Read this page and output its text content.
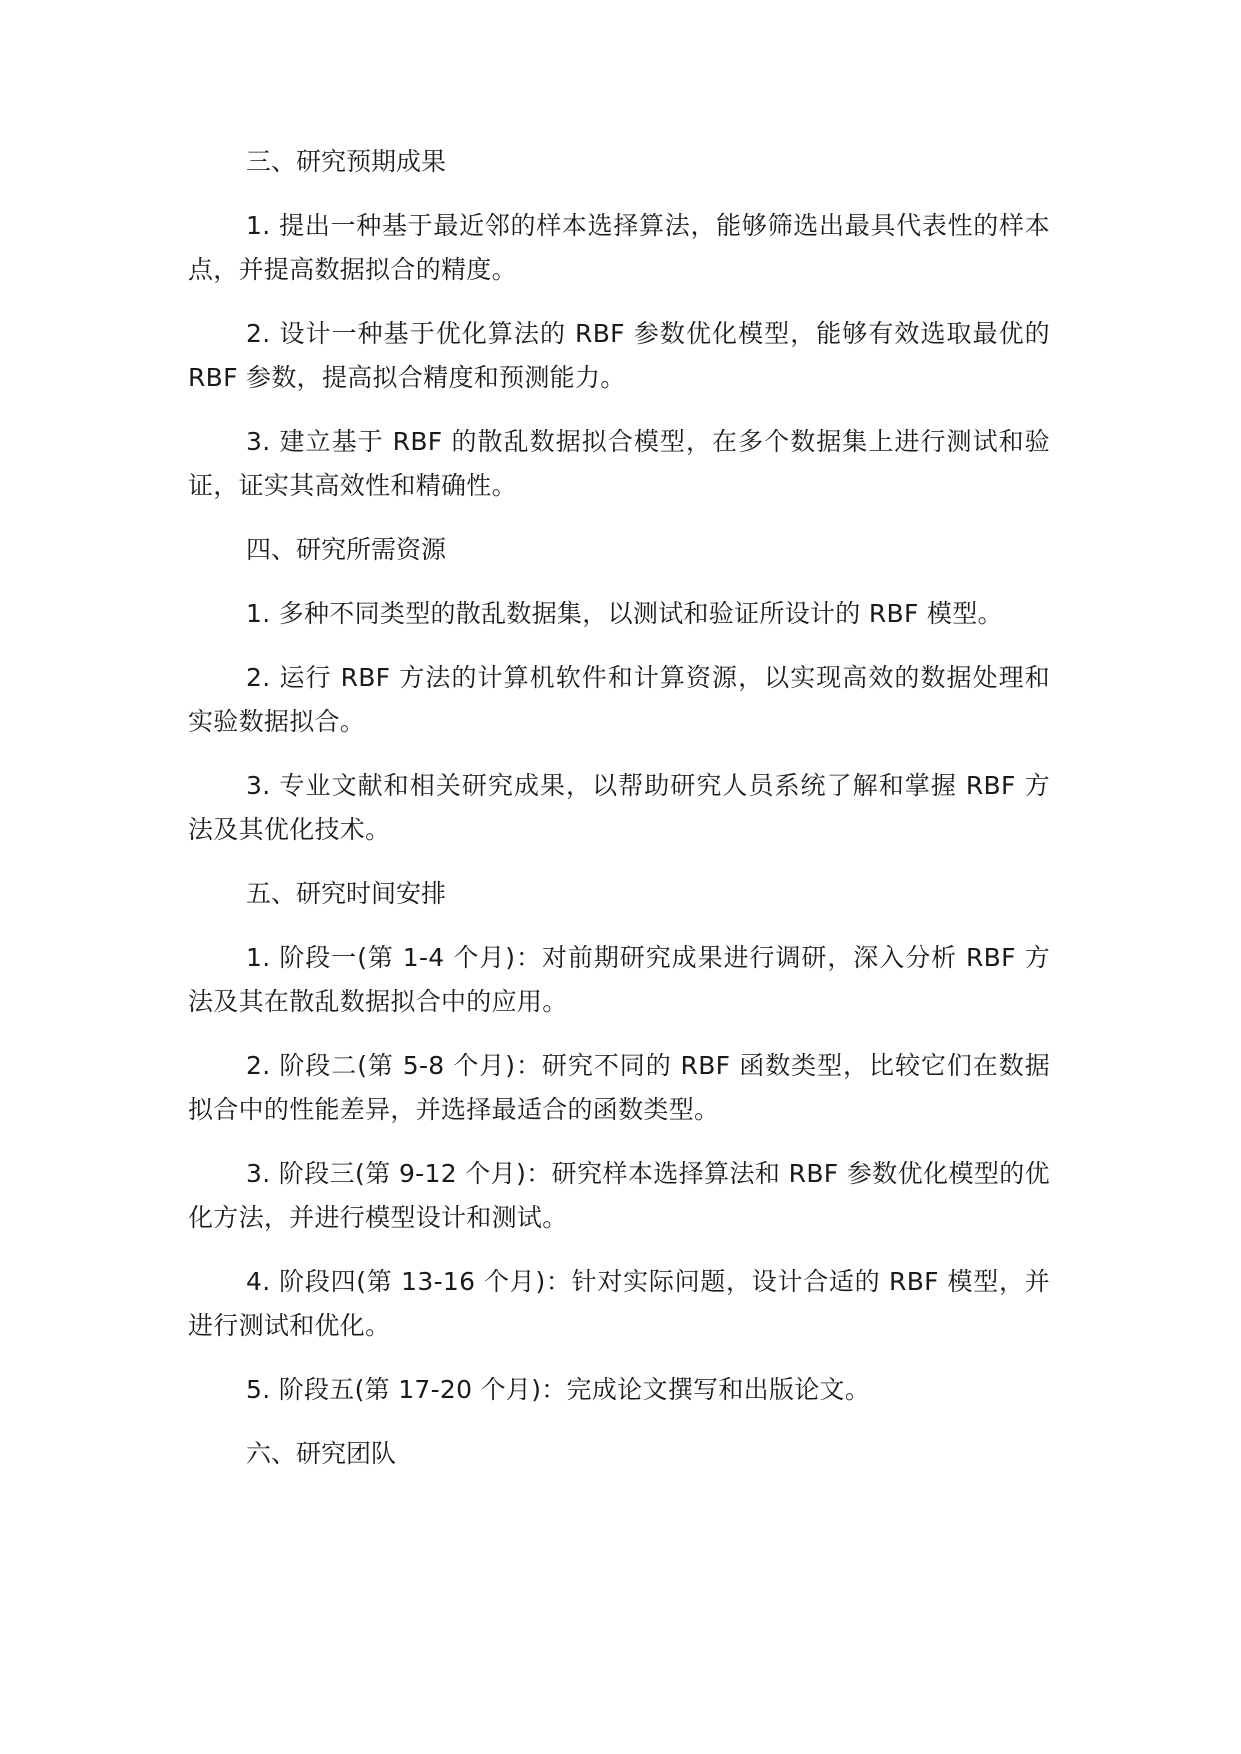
三、研究预期成果

1. 提出一种基于最近邻的样本选择算法，能够筛选出最具代表性的样本点，并提高数据拟合的精度。

2. 设计一种基于优化算法的 RBF 参数优化模型，能够有效选取最优的 RBF 参数，提高拟合精度和预测能力。

3. 建立基于 RBF 的散乱数据拟合模型，在多个数据集上进行测试和验证，证实其高效性和精确性。

四、研究所需资源

1. 多种不同类型的散乱数据集，以测试和验证所设计的 RBF 模型。

2. 运行 RBF 方法的计算机软件和计算资源，以实现高效的数据处理和实验数据拟合。

3. 专业文献和相关研究成果，以帮助研究人员系统了解和掌握 RBF 方法及其优化技术。

五、研究时间安排

1. 阶段一(第 1-4 个月)：对前期研究成果进行调研，深入分析 RBF 方法及其在散乱数据拟合中的应用。

2. 阶段二(第 5-8 个月)：研究不同的 RBF 函数类型，比较它们在数据拟合中的性能差异，并选择最适合的函数类型。

3. 阶段三(第 9-12 个月)：研究样本选择算法和 RBF 参数优化模型的优化方法，并进行模型设计和测试。

4. 阶段四(第 13-16 个月)：针对实际问题，设计合适的 RBF 模型，并进行测试和优化。

5. 阶段五(第 17-20 个月)：完成论文撰写和出版论文。

六、研究团队
